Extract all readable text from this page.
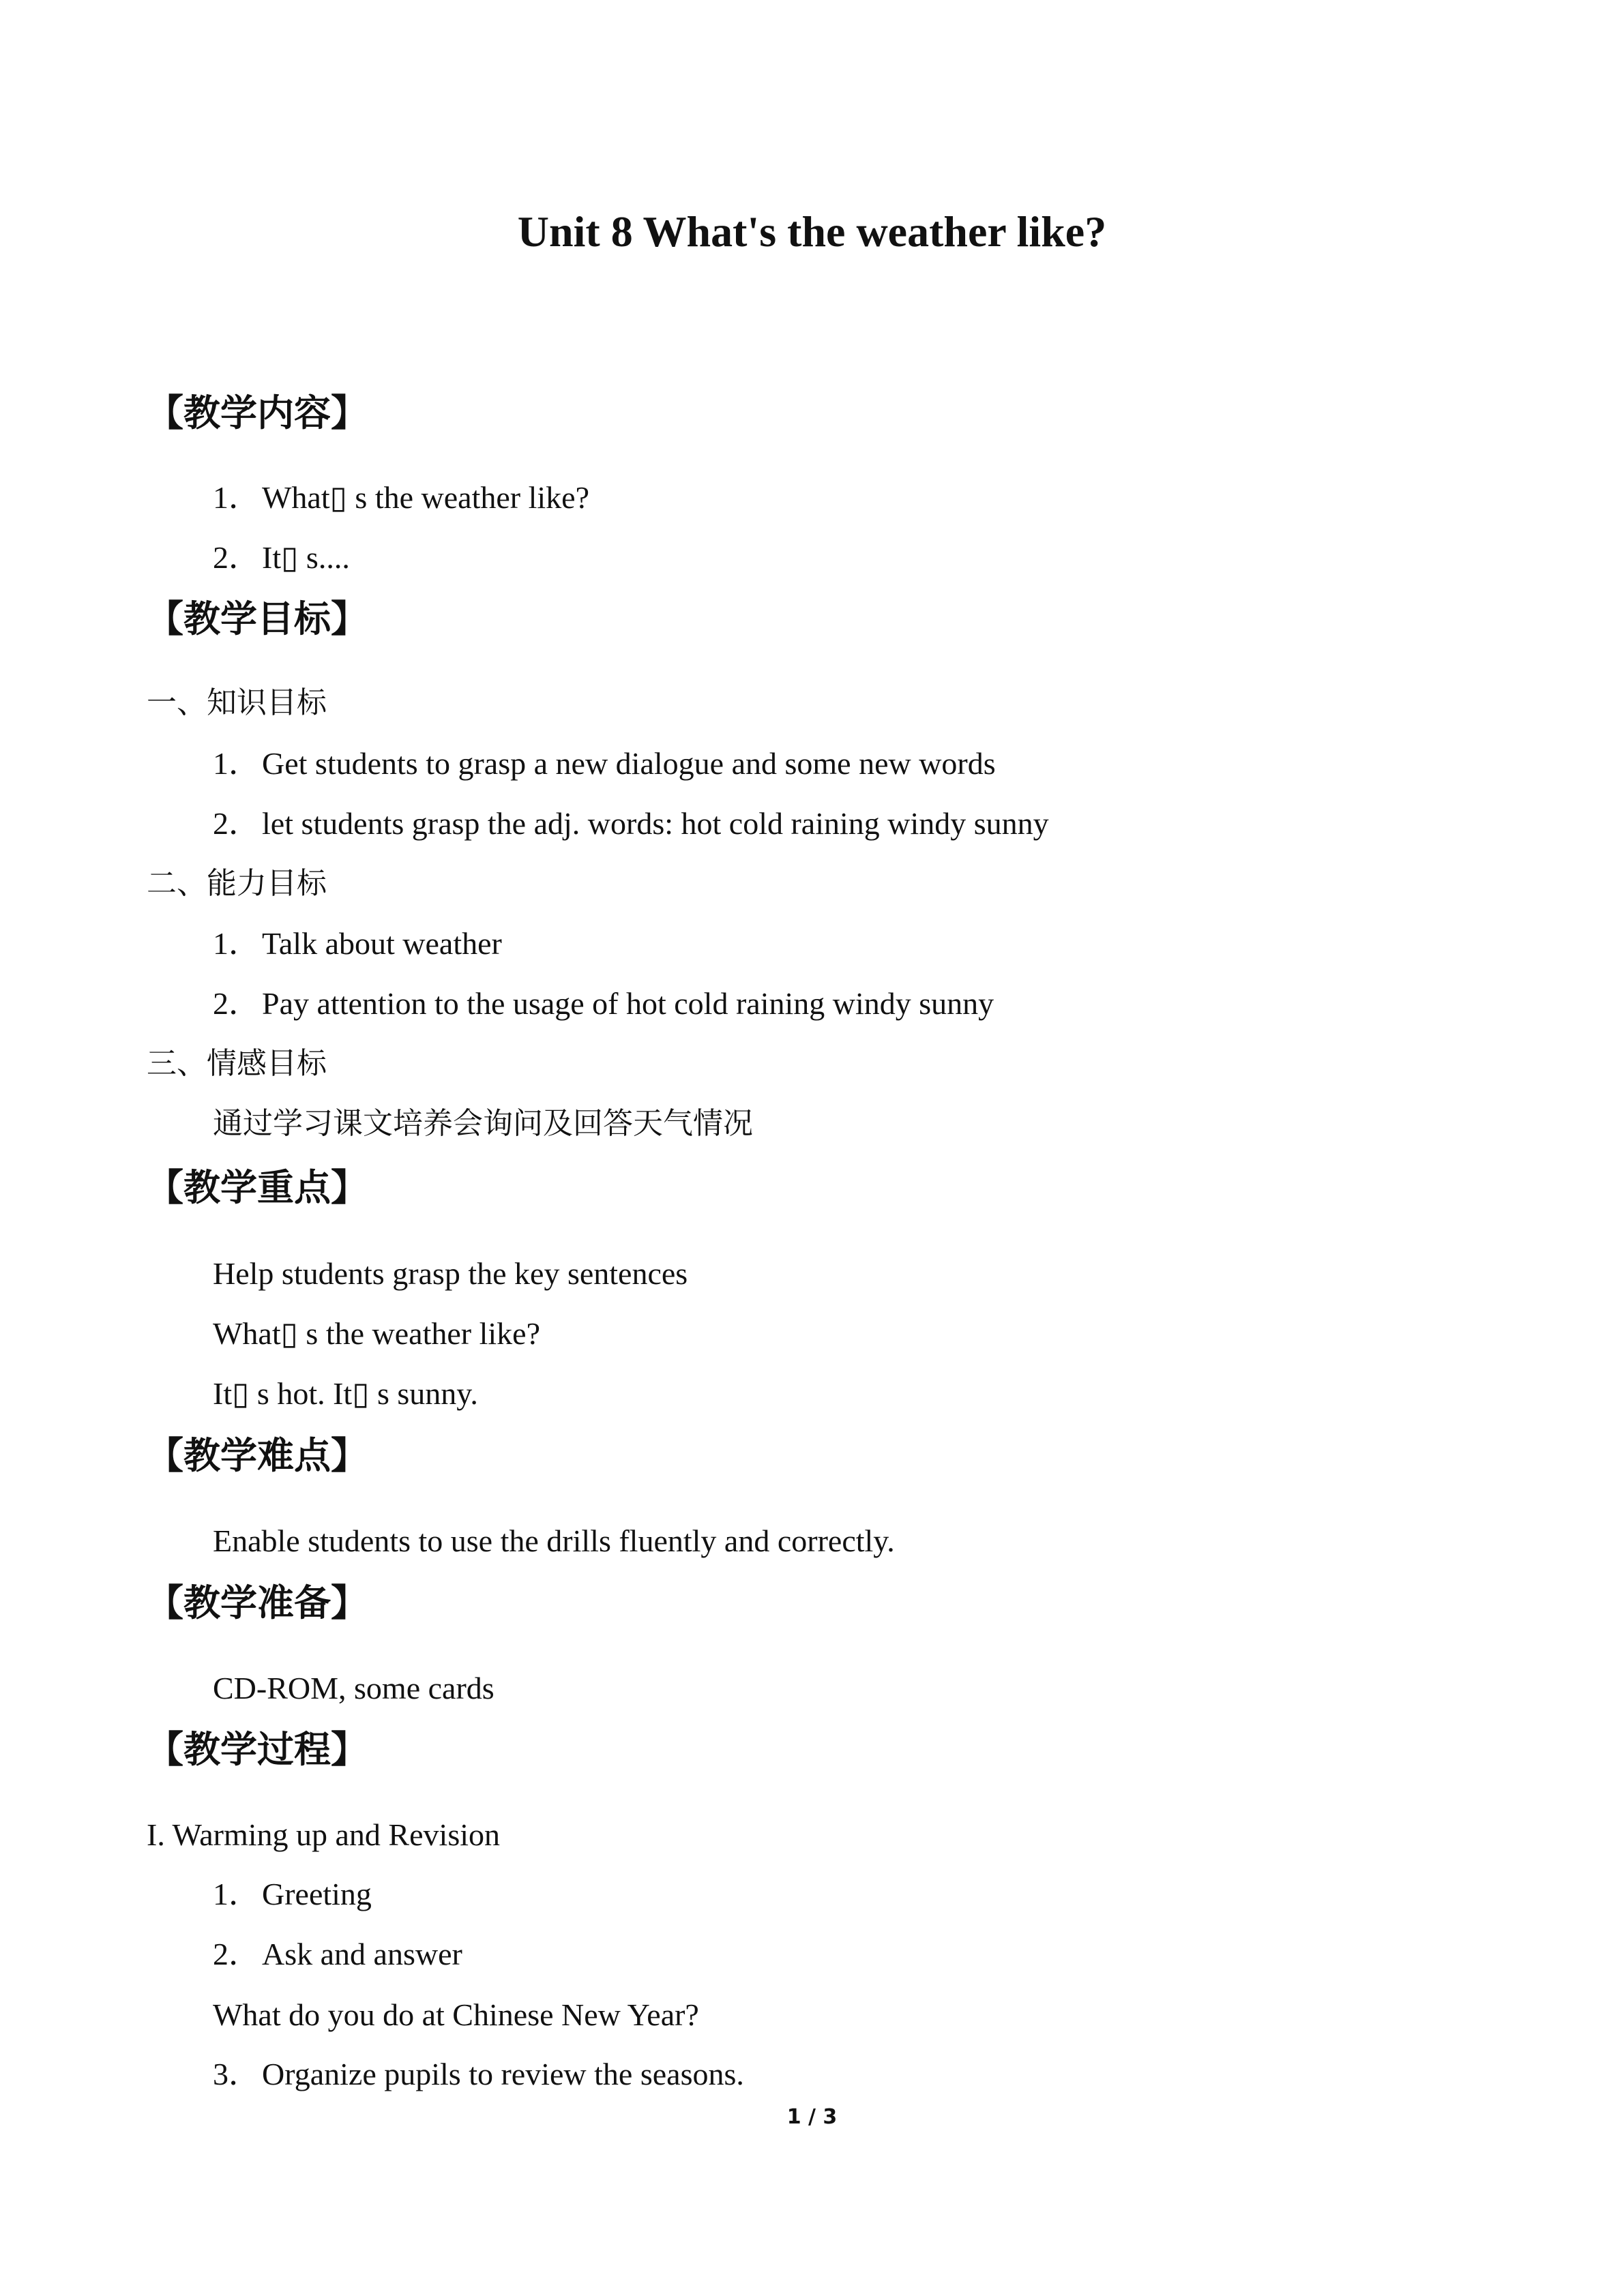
Unit 8 What's the weather like?
【教学内容】
1．What▯ s the weather like?
2．It▯ s....
【教学目标】
一、知识目标
1．Get students to grasp a new dialogue and some new words
2．let students grasp the adj. words: hot cold raining windy sunny
二、能力目标
1．Talk about weather
2．Pay attention to the usage of hot cold raining windy sunny
三、情感目标
通过学习课文培养会询问及回答天气情况
【教学重点】
Help students grasp the key sentences
What▯ s the weather like?
It▯ s hot. It▯ s sunny.
【教学难点】
Enable students to use the drills fluently and correctly.
【教学准备】
CD-ROM, some cards
【教学过程】
I. Warming up and Revision
1．Greeting
2．Ask and answer
What do you do at Chinese New Year?
3．Organize pupils to review the seasons.
1 / 3
